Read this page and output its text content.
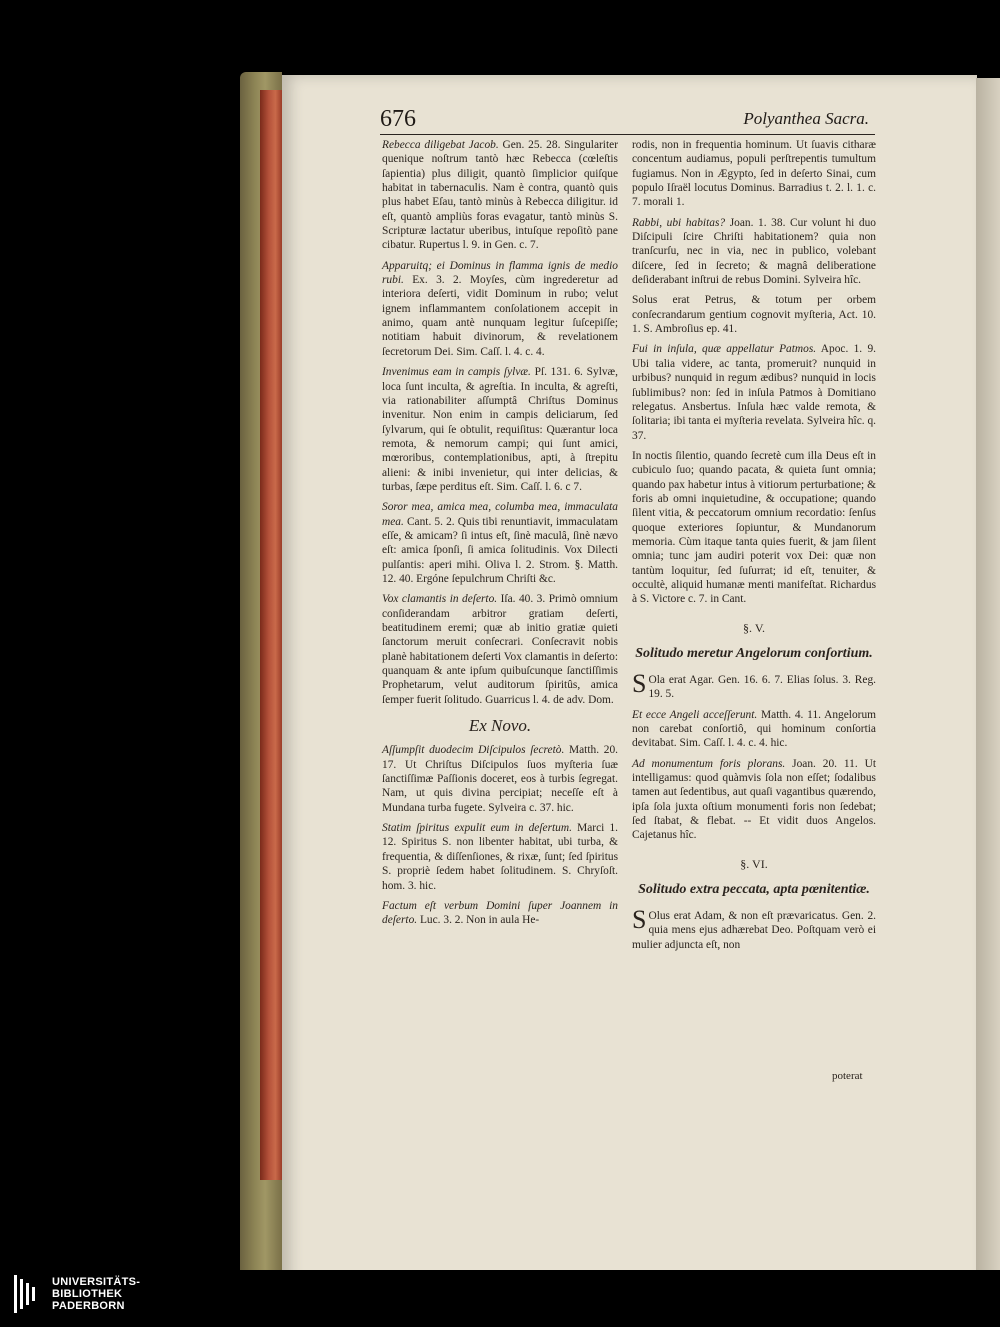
676	Polyanthea Sacra.

Rebecca diligebat Jacob. Gen. 25. 28. Singulariter quenique noſtrum tantò hæc Rebecca (cœleſtis ſapientia) plus diligit, quantò ſimplicior quiſque habitat in tabernaculis. Nam è contra, quantò quis plus habet Eſau, tantò minùs à Rebecca diligitur. id eſt, quantò ampliùs foras evagatur, tantò minùs S. Scripturæ lactatur uberibus, intuſque repoſitò pane cibatur. Rupertus l. 9. in Gen. c. 7.

Apparuitq; ei Dominus in flamma ignis de medio rubi. Ex. 3. 2. Moyſes, cùm ingrederetur ad interiora deſerti, vidit Dominum in rubo; velut ignem inflammantem conſolationem accepit in animo, quam antè nunquam legitur ſuſcepiſſe; notitiam habuit divinorum, & revelationem ſecretorum Dei. Sim. Caſſ. l. 4. c. 4.

Invenimus eam in campis ſylvæ. Pſ. 131. 6. Sylvæ, loca ſunt inculta, & agreſtia. In inculta, & agreſti, via rationabiliter aſſumptâ Chriſtus Dominus invenitur. Non enim in campis deliciarum, ſed ſylvarum, qui ſe obtulit, requiſitus: Quærantur loca remota, & nemorum campi; qui ſunt amici, mœroribus, contemplationibus, apti, à ſtrepitu alieni: & inibi invenietur, qui inter delicias, & turbas, ſæpe perditus eſt. Sim. Caſſ. l. 6. c 7.

Soror mea, amica mea, columba mea, immaculata mea. Cant. 5. 2. Quis tibi renuntiavit, immaculatam eſſe, & amicam? ſi intus eſt, ſinè maculâ, ſinè nævo eſt: amica ſponſi, ſi amica ſolitudinis. Vox Dilecti pulſantis: aperi mihi. Oliva l. 2. Strom. §. Matth. 12. 40. Ergóne ſepulchrum Chriſti &c.

Vox clamantis in deſerto. Iſa. 40. 3. Primò omnium conſiderandam arbitror gratiam deſerti, beatitudinem eremi; quæ ab initio gratiæ quieti ſanctorum meruit conſecrari. Conſecravit nobis planè habitationem deſerti Vox clamantis in deſerto: quanquam & ante ipſum quibuſcunque ſanctiſſimis Prophetarum, velut auditorum ſpiritûs, amica ſemper fuerit ſolitudo. Guarricus l. 4. de adv. Dom.

Ex Novo.

Aſſumpſit duodecim Diſcipulos ſecretò. Matth. 20. 17. Ut Chriſtus Diſcipulos ſuos myſteria ſuæ ſanctiſſimæ Paſſionis doceret, eos à turbis ſegregat. Nam, ut quis divina percipiat; neceſſe eſt à Mundana turba fugete. Sylveira c. 37. hic.

Statim ſpiritus expulit eum in deſertum. Marci 1. 12. Spiritus S. non libenter habitat, ubi turba, & frequentia, & diſſenſiones, & rixæ, ſunt; ſed ſpiritus S. propriè ſedem habet ſolitudinem. S. Chryſoſt. hom. 3. hic.

Factum eſt verbum Domini ſuper Joannem in deſerto. Luc. 3. 2. Non in aula He-

rodis, non in frequentia hominum. Ut ſuavis citharæ concentum audiamus, populi perſtrepentis tumultum fugiamus. Non in Ægypto, ſed in deſerto Sinai, cum populo Iſraël locutus Dominus. Barradius t. 2. l. 1. c. 7. morali 1.

Rabbi, ubi habitas? Joan. 1. 38. Cur volunt hi duo Diſcipuli ſcire Chriſti habitationem? quia non tranſcurſu, nec in via, nec in publico, volebant diſcere, ſed in ſecreto; & magnâ deliberatione deſiderabant inſtrui de rebus Domini. Sylveira hîc.

Solus erat Petrus, & totum per orbem conſecrandarum gentium cognovit myſteria, Act. 10. 1. S. Ambroſius ep. 41.

Fui in inſula, quæ appellatur Patmos. Apoc. 1. 9. Ubi talia videre, ac tanta, promeruit? nunquid in urbibus? nunquid in regum ædibus? nunquid in locis ſublimibus? non: ſed in inſula Patmos à Domitiano relegatus. Ansbertus. Inſula hæc valde remota, & ſolitaria; ibi tanta ei myſteria revelata. Sylveira hîc. q. 37.

In noctis ſilentio, quando ſecretè cum illa Deus eſt in cubiculo ſuo; quando pacata, & quieta ſunt omnia; quando pax habetur intus à vitiorum perturbatione; & foris ab omni inquietudine, & occupatione; quando ſilent vitia, & peccatorum omnium recordatio: ſenſus quoque exteriores ſopiuntur, & Mundanorum memoria. Cùm itaque tanta quies fuerit, & jam ſilent omnia; tunc jam audiri poterit vox Dei: quæ non tantùm loquitur, ſed ſuſurrat; id eſt, tenuiter, & occultè, aliquid humanæ menti manifeſtat. Richardus à S. Victore c. 7. in Cant.

§. V.
Solitudo meretur Angelorum conſortium.

SOla erat Agar. Gen. 16. 6. 7. Elias ſolus. 3. Reg. 19. 5.

Et ecce Angeli acceſſerunt. Matth. 4. 11. Angelorum non carebat conſortiô, qui hominum conſortia devitabat. Sim. Caſſ. l. 4. c. 4. hic.

Ad monumentum foris plorans. Joan. 20. 11. Ut intelligamus: quod quàmvis ſola non eſſet; ſodalibus tamen aut ſedentibus, aut quaſi vagantibus quærendo, ipſa ſola juxta oſtium monumenti foris non ſedebat; ſed ſtabat, & flebat. -- Et vidit duos Angelos. Cajetanus hîc.

§. VI.
Solitudo extra peccata, apta pœnitentiæ.

SOlus erat Adam, & non eſt prævaricatus. Gen. 2. quia mens ejus adhærebat Deo. Poſtquam verò ei mulier adjuncta eſt, non

poterat
UNIVERSITÄTS-
BIBLIOTHEK
PADERBORN
